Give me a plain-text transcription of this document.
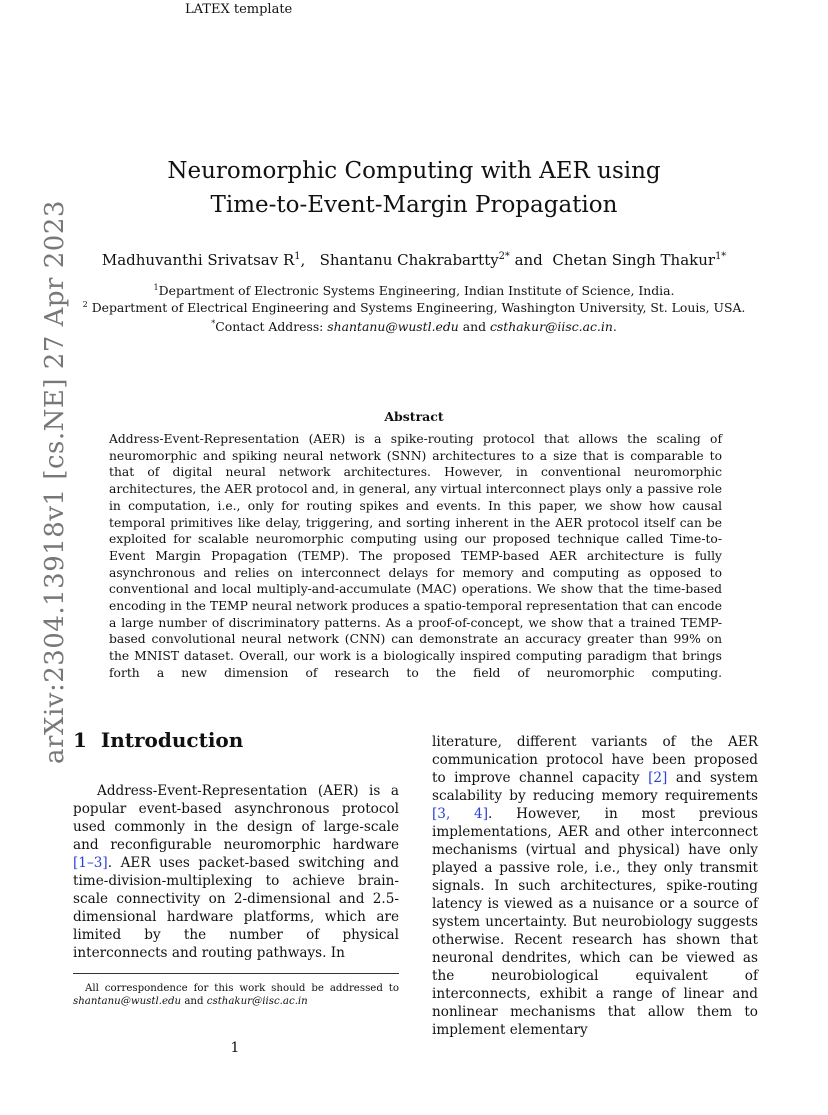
LATEX template
arXiv:2304.13918v1 [cs.NE] 27 Apr 2023
Neuromorphic Computing with AER using
Time-to-Event-Margin Propagation
Madhuvanthi Srivatsav $R^1$,   Shantanu Chakrabartty$^{2*}$ and Chetan Singh Thakur$^{1*}$
$^1$Department of Electronic Systems Engineering, Indian Institute of Science, India.
$^2$ Department of Electrical Engineering and Systems Engineering, Washington University, St. Louis, USA.
*Contact Address: shantanu@wustl.edu and csthakur@iisc.ac.in.
Abstract
Address-Event-Representation (AER) is a spike-routing protocol that allows the scaling of neuromorphic and spiking neural network (SNN) architectures to a size that is comparable to that of digital neural network architectures. However, in conventional neuromorphic architectures, the AER protocol and, in general, any virtual interconnect plays only a passive role in computation, i.e., only for routing spikes and events. In this paper, we show how causal temporal primitives like delay, triggering, and sorting inherent in the AER protocol itself can be exploited for scalable neuromorphic computing using our proposed technique called Time-to-Event Margin Propagation (TEMP). The proposed TEMP-based AER architecture is fully asynchronous and relies on interconnect delays for memory and computing as opposed to conventional and local multiply-and-accumulate (MAC) operations. We show that the time-based encoding in the TEMP neural network produces a spatio-temporal representation that can encode a large number of discriminatory patterns. As a proof-of-concept, we show that a trained TEMP-based convolutional neural network (CNN) can demonstrate an accuracy greater than 99% on the MNIST dataset. Overall, our work is a biologically inspired computing paradigm that brings forth a new dimension of research to the field of neuromorphic computing.
1 Introduction
Address-Event-Representation (AER) is a popular event-based asynchronous protocol used commonly in the design of large-scale and reconfigurable neuromorphic hardware [1–3]. AER uses packet-based switching and time-division-multiplexing to achieve brain-scale connectivity on 2-dimensional and 2.5-dimensional hardware platforms, which are limited by the number of physical interconnects and routing pathways. In
literature, different variants of the AER communication protocol have been proposed to improve channel capacity [2] and system scalability by reducing memory requirements [3, 4]. However, in most previous implementations, AER and other interconnect mechanisms (virtual and physical) have only played a passive role, i.e., they only transmit signals. In such architectures, spike-routing latency is viewed as a nuisance or a source of system uncertainty. But neurobiology suggests otherwise. Recent research has shown that neuronal dendrites, which can be viewed as the neurobiological equivalent of interconnects, exhibit a range of linear and nonlinear mechanisms that allow them to implement elementary
All correspondence for this work should be addressed to shantanu@wustl.edu and csthakur@iisc.ac.in
1
